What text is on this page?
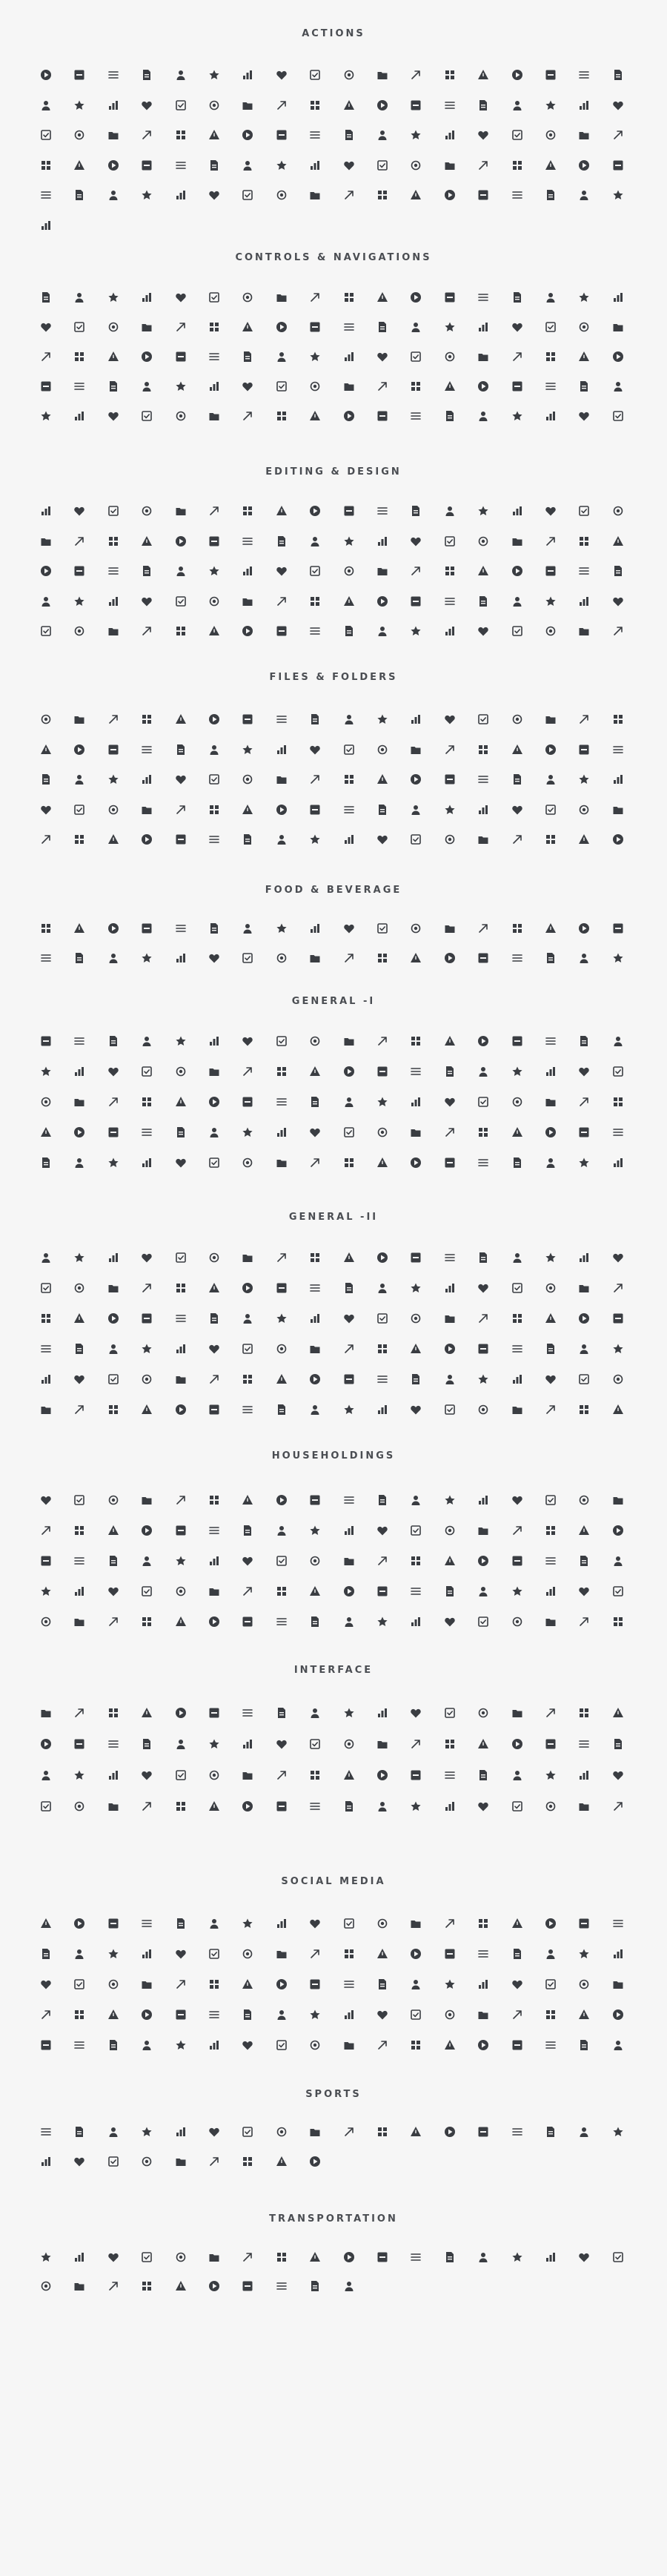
ACTIONS
CONTROLS & NAVIGATIONS
EDITING & DESIGN
FILES & FOLDERS
FOOD & BEVERAGE
GENERAL -I
GENERAL -II
HOUSEHOLDINGS
INTERFACE
SOCIAL MEDIA
SPORTS
TRANSPORTATION
